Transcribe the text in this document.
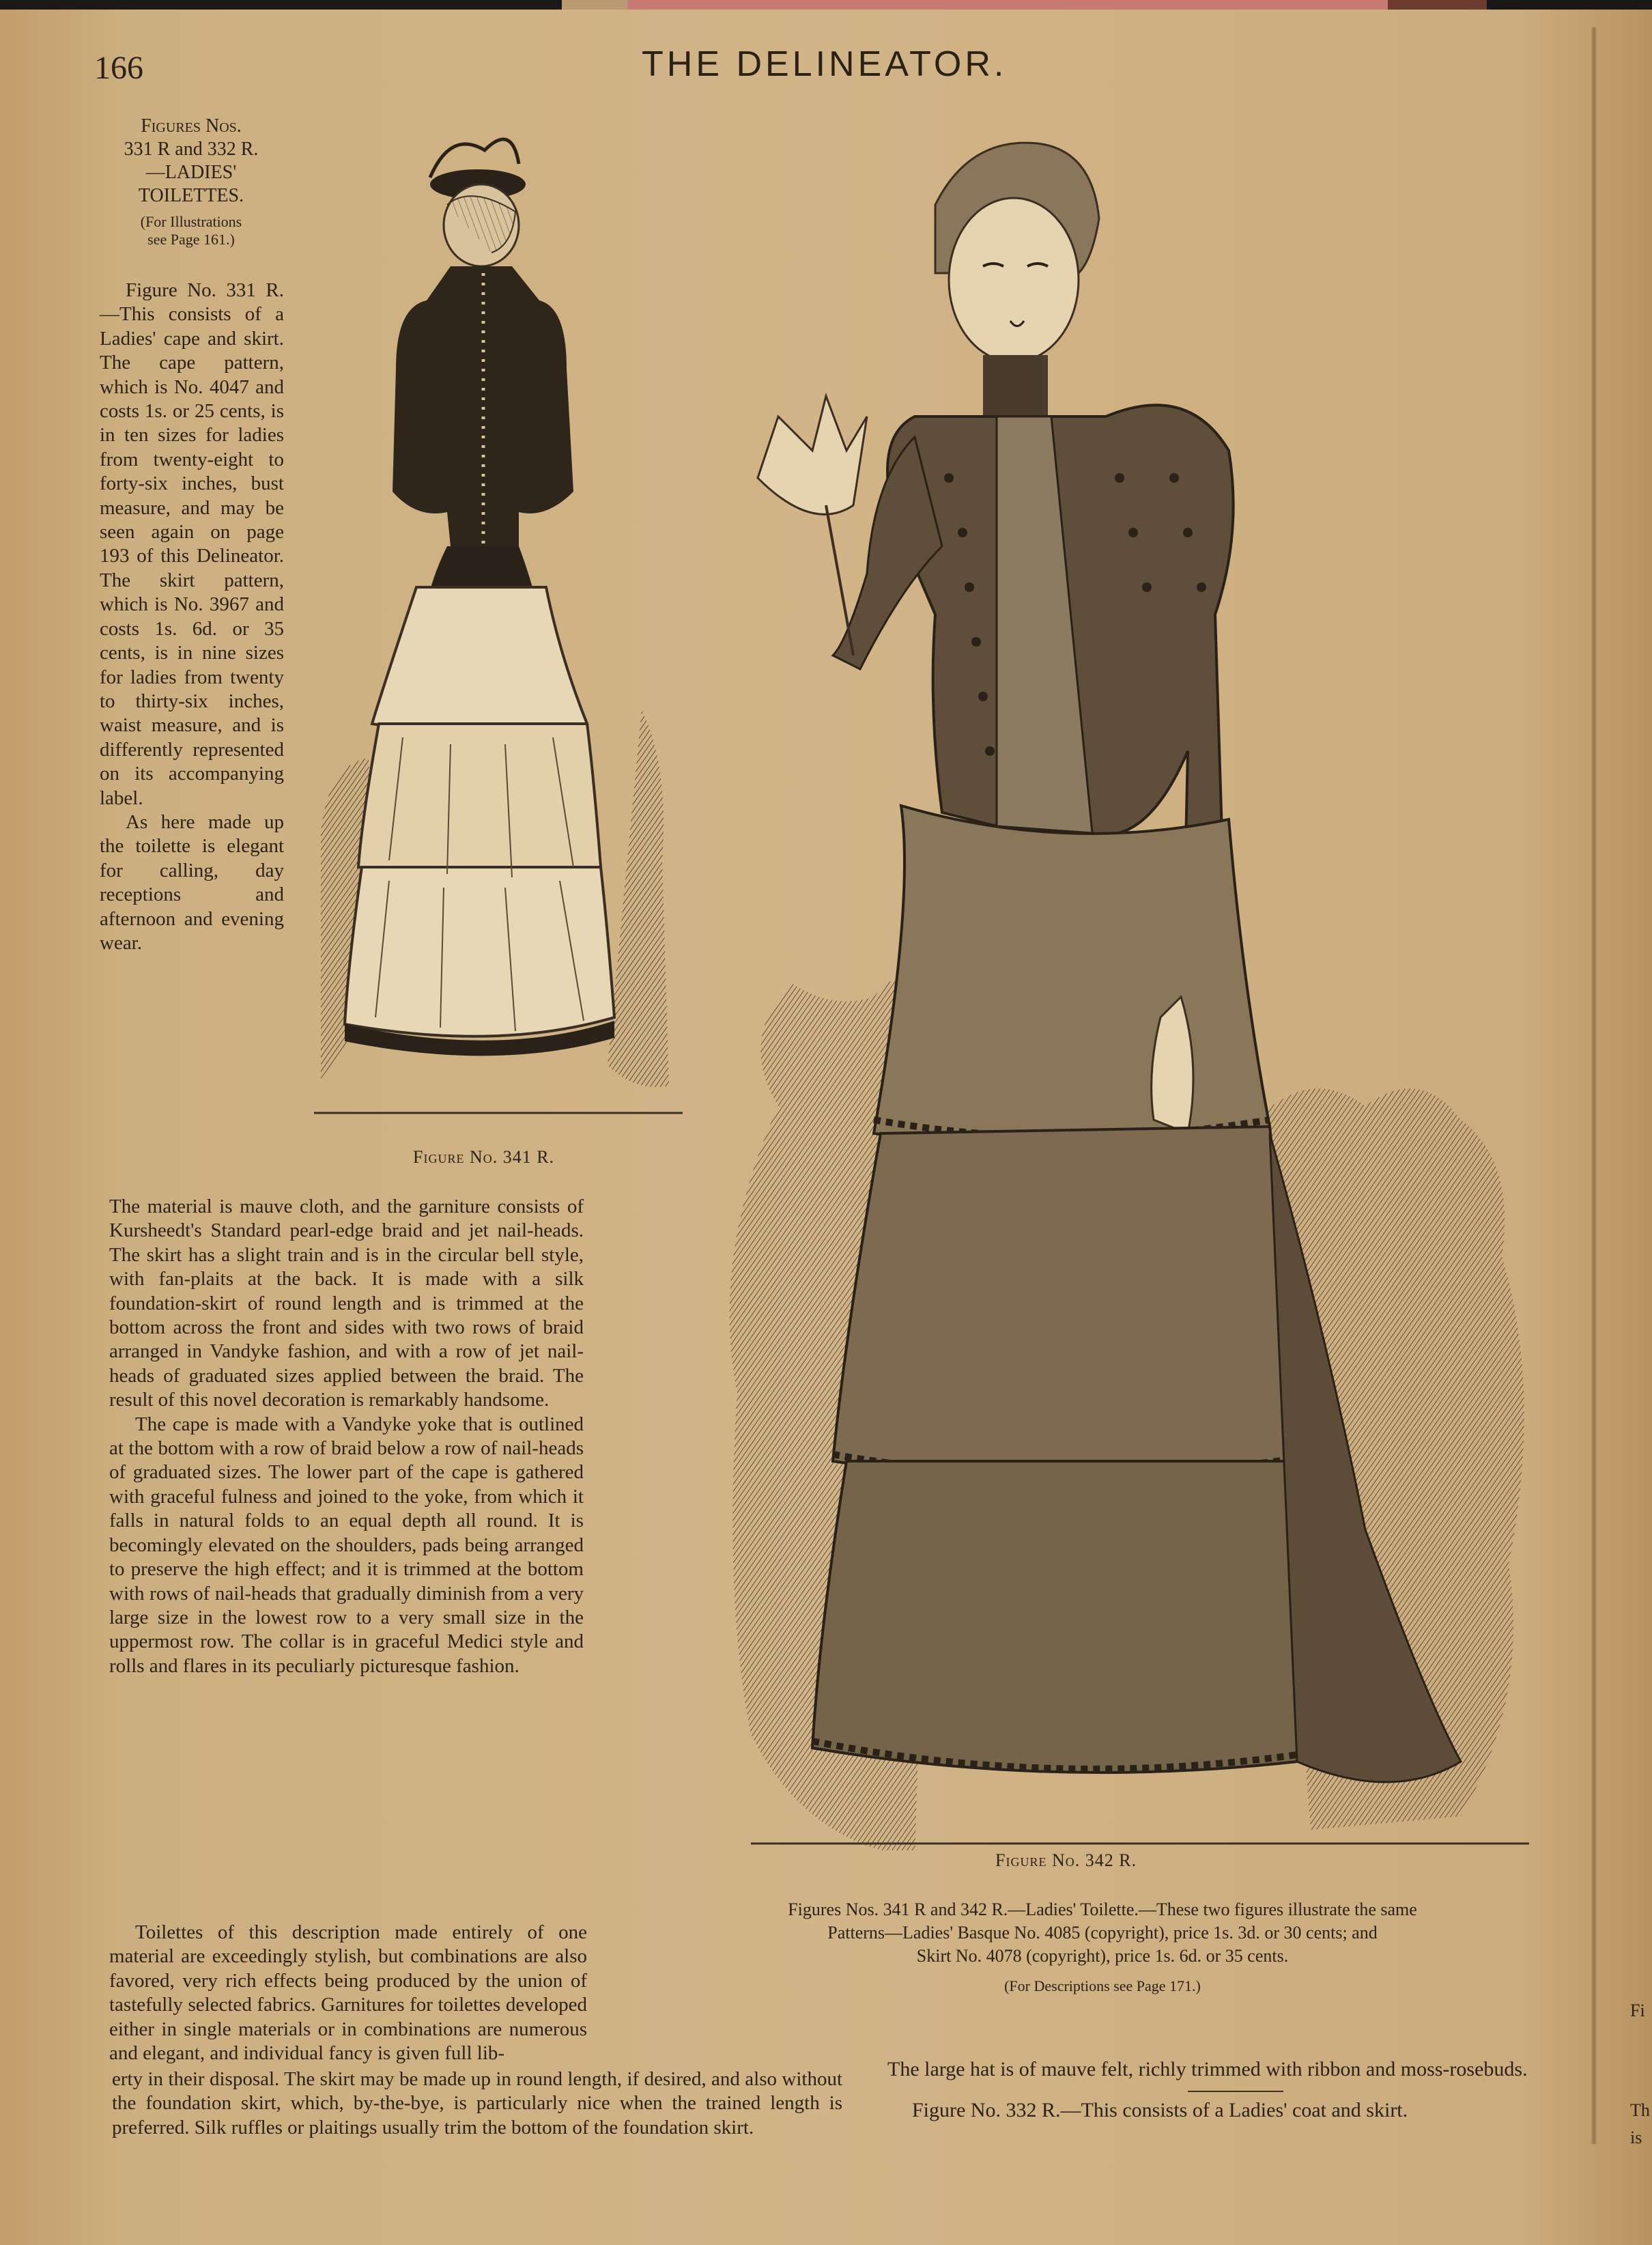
166	THE DELINEATOR.
Figures Nos.
331 R and 332 R.
—LADIES'
TOILETTES.
(For Illustrations
see Page 161.)

Figure No. 331 R.—This consists of a Ladies' cape and skirt. The cape pattern, which is No. 4047 and costs 1s. or 25 cents, is in ten sizes for ladies from twenty-eight to forty-six inches, bust measure, and may be seen again on page 193 of this Delineator. The skirt pattern, which is No. 3967 and costs 1s. 6d. or 35 cents, is in nine sizes for ladies from twenty to thirty-six inches, waist measure, and is differently represented on its accompanying label.

As here made up the toilette is elegant for calling, day receptions and afternoon and evening wear.

The material is mauve cloth, and the garniture consists of Kursheedt's Standard pearl-edge braid and jet nail-heads. The skirt has a slight train and is in the circular bell style, with fan-plaits at the back. It is made with a silk foundation-skirt of round length and is trimmed at the bottom across the front and sides with two rows of braid arranged in Vandyke fashion, and with a row of jet nail-heads of graduated sizes applied between the braid. The result of this novel decoration is remarkably handsome.

The cape is made with a Vandyke yoke that is outlined at the bottom with a row of braid below a row of nail-heads of graduated sizes. The lower part of the cape is gathered with graceful fulness and joined to the yoke, from which it falls in natural folds to an equal depth all round. It is becomingly elevated on the shoulders, pads being arranged to preserve the high effect; and it is trimmed at the bottom with rows of nail-heads that gradually diminish from a very large size in the lowest row to a very small size in the uppermost row. The collar is in graceful Medici style and rolls and flares in its peculiarly picturesque fashion.

Toilettes of this description made entirely of one material are exceedingly stylish, but combinations are also favored, very rich effects being produced by the union of tastefully selected fabrics. Garnitures for toilettes developed either in single materials or in combinations are numerous and elegant, and individual fancy is given full lib-

erty in their disposal. The skirt may be made up in round length, if desired, and also without the foundation skirt, which, by-the-bye, is particularly nice when the trained length is preferred. Silk ruffles or plaitings usually trim the bottom of the foundation skirt.

The large hat is of mauve felt, richly trimmed with ribbon and moss-rosebuds.

Figure No. 332 R.—This consists of a Ladies' coat and skirt.

Figure No. 341 R.
Figure No. 342 R.
Figures Nos. 341 R and 342 R.—Ladies' Toilette.—These two figures illustrate the same
Patterns—Ladies' Basque No. 4085 (copyright), price 1s. 3d. or 30 cents; and
Skirt No. 4078 (copyright), price 1s. 6d. or 35 cents.
(For Descriptions see Page 171.)
Fi
Th
is
